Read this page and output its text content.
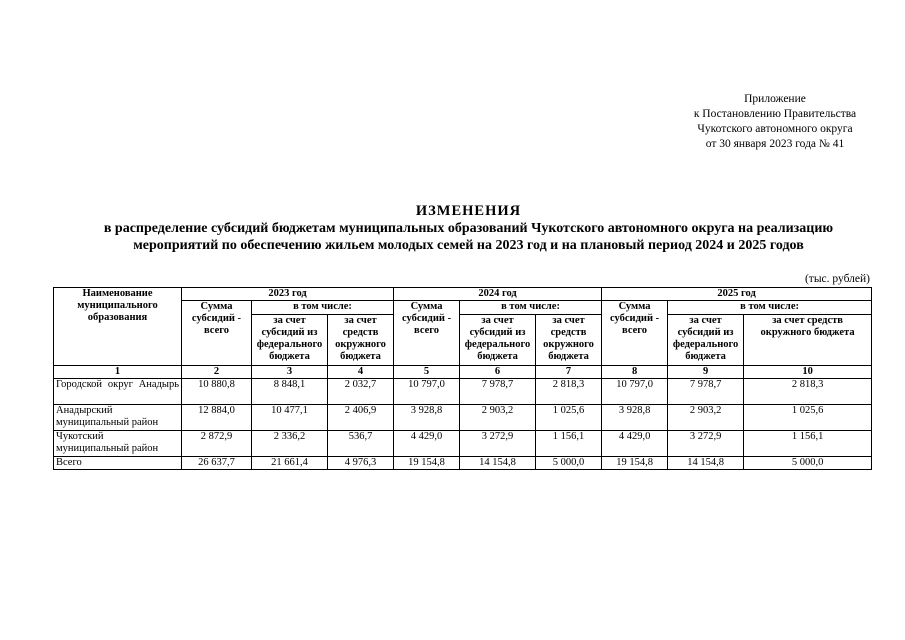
Приложение
к Постановлению Правительства
Чукотского автономного округа
от 30 января 2023 года № 41
ИЗМЕНЕНИЯ
в распределение субсидий бюджетам муниципальных образований Чукотского автономного округа на реализацию
мероприятий по обеспечению жильем молодых семей на 2023 год и на плановый период 2024 и 2025 годов
(тыс. рублей)
Наименование муниципального образования	2023 год			2024 год			2025 год		
	Сумма субсидий - всего	в том числе:		Сумма субсидий - всего	в том числе:		Сумма субсидий - всего	в том числе:	
		за счет субсидий из федерального бюджета	за счет средств окружного бюджета		за счет субсидий из федерального бюджета	за счет средств окружного бюджета		за счет субсидий из федерального бюджета	за счет средств окружного бюджета
1	2	3	4	5	6	7	8	9	10
Городской округ Анадырь	10 880,8	8 848,1	2 032,7	10 797,0	7 978,7	2 818,3	10 797,0	7 978,7	2 818,3
Анадырский муниципальный район	12 884,0	10 477,1	2 406,9	3 928,8	2 903,2	1 025,6	3 928,8	2 903,2	1 025,6
Чукотский муниципальный район	2 872,9	2 336,2	536,7	4 429,0	3 272,9	1 156,1	4 429,0	3 272,9	1 156,1
Всего	26 637,7	21 661,4	4 976,3	19 154,8	14 154,8	5 000,0	19 154,8	14 154,8	5 000,0
